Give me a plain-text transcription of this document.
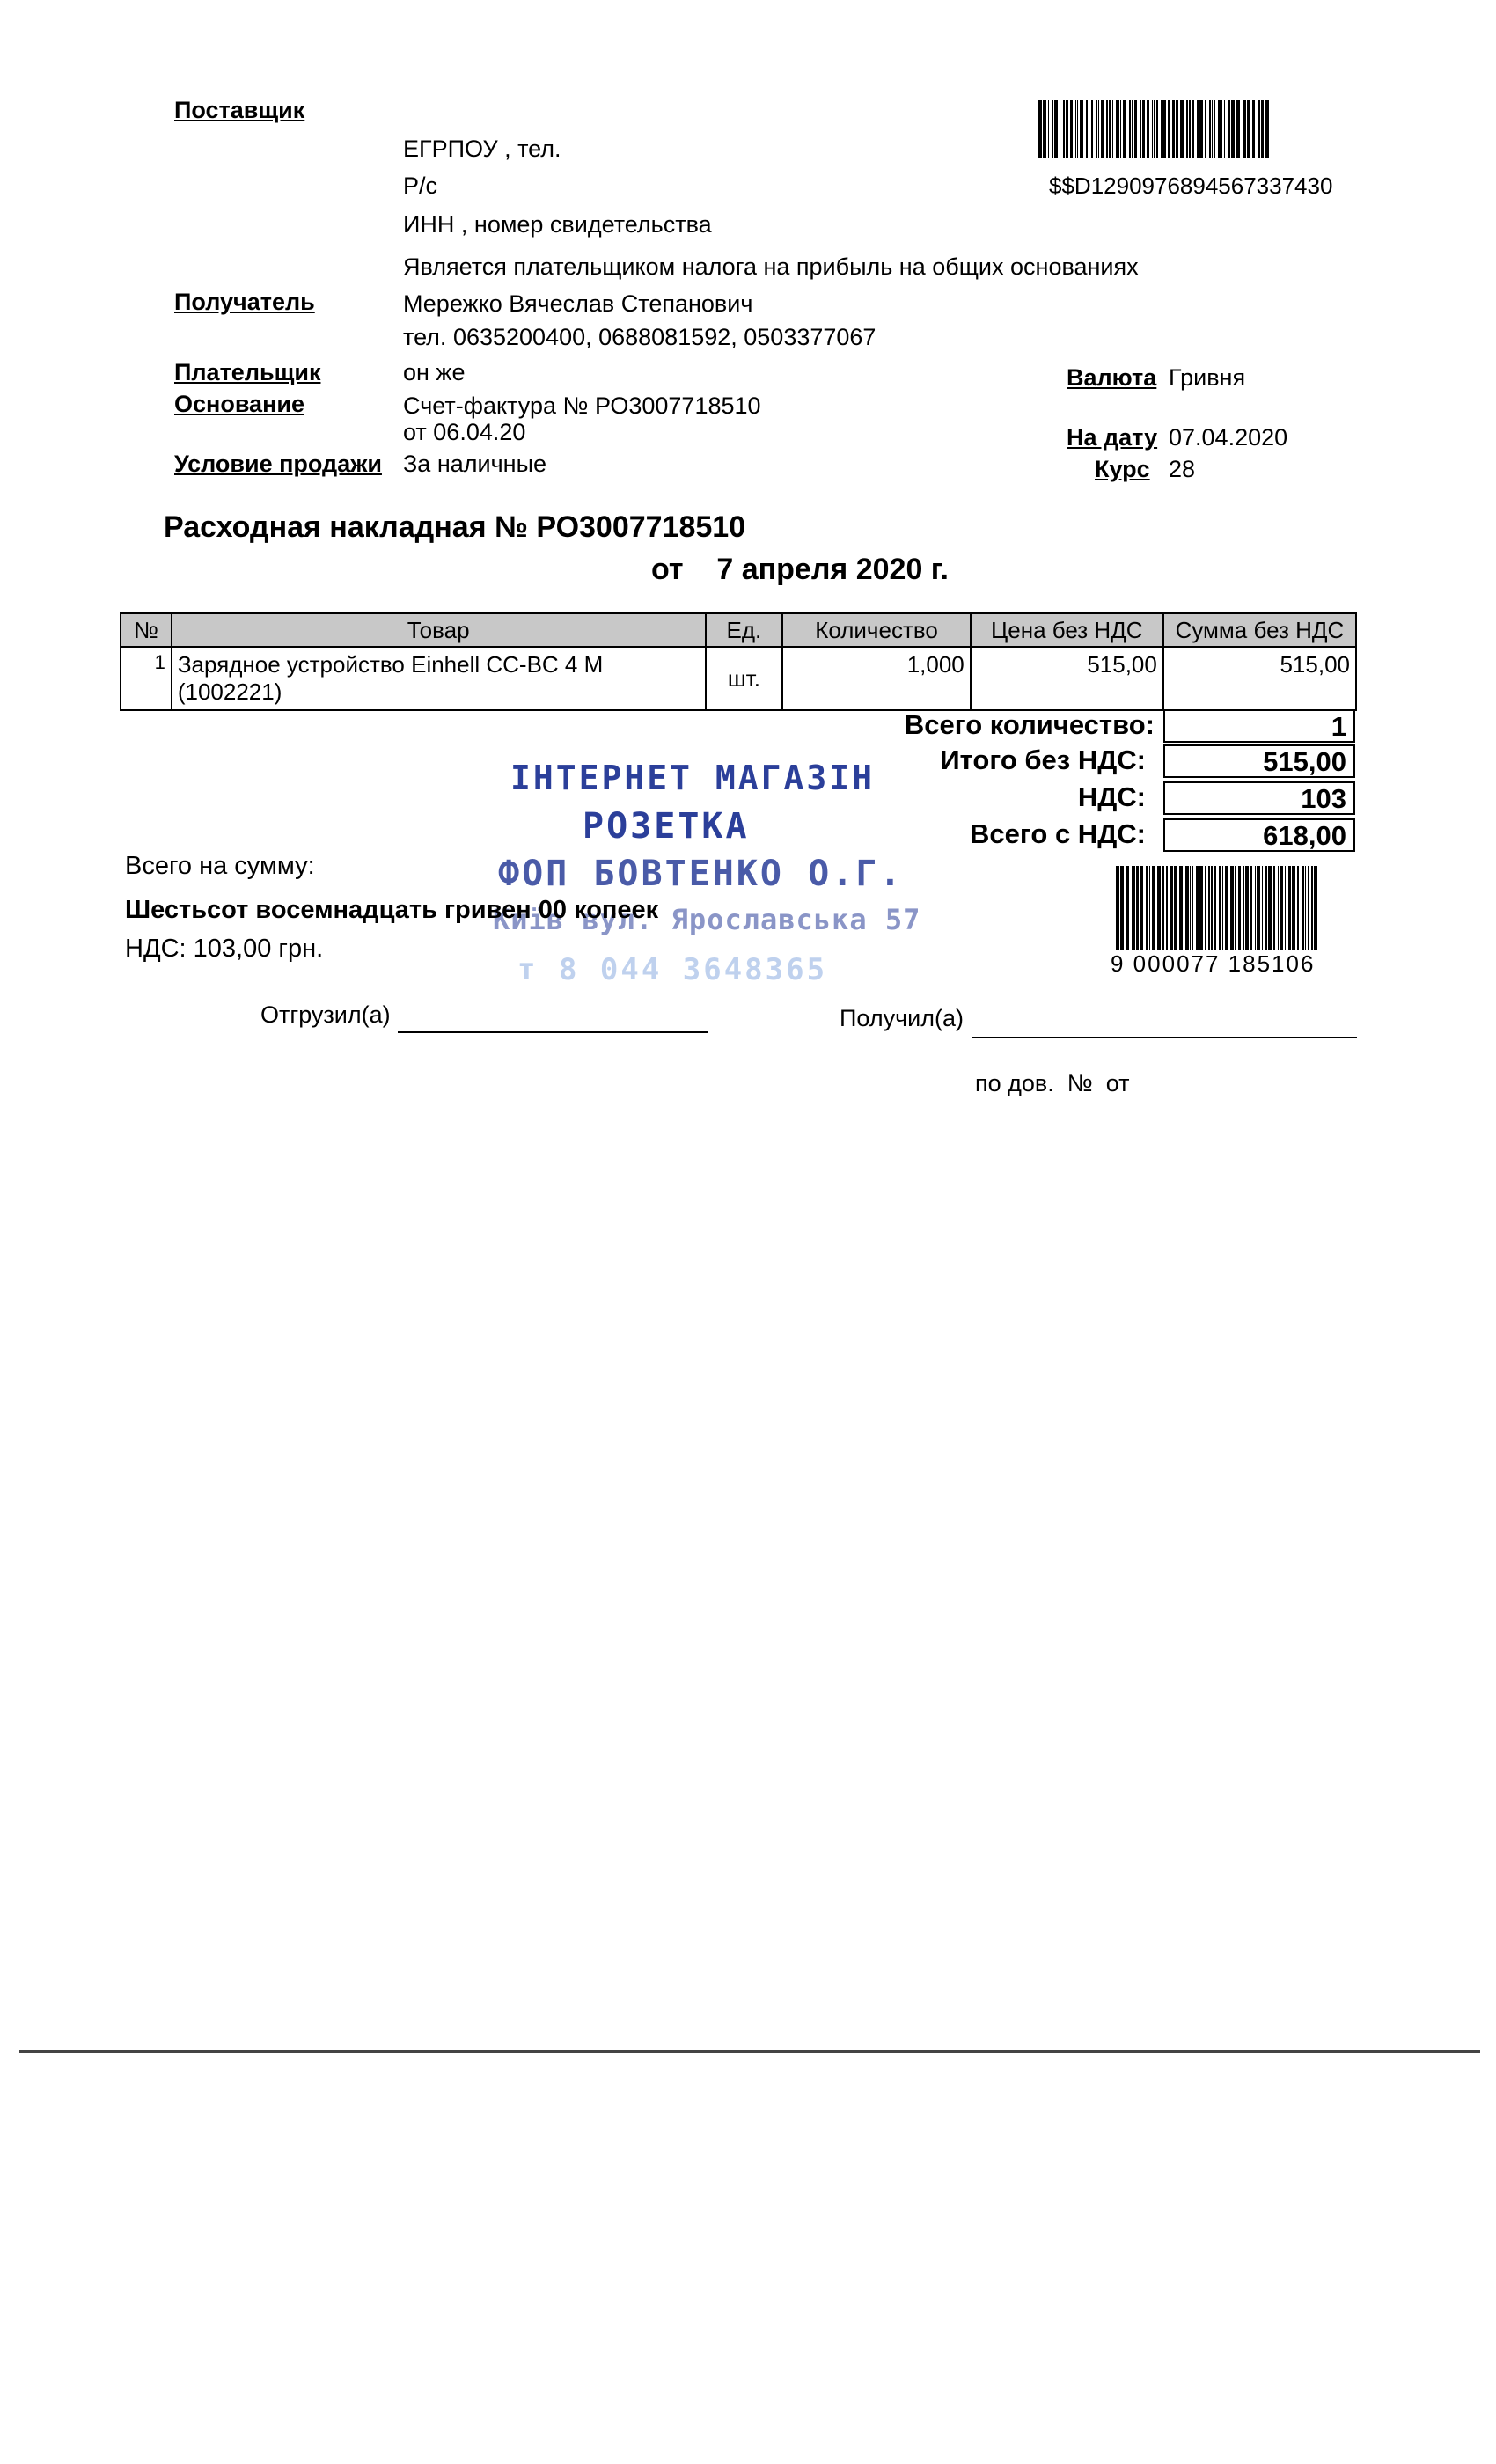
Поставщик
ЕГРПОУ , тел.
Р/с
ИНН , номер свидетельства
Является плательщиком налога на прибыль на общих основаниях
$$D1290976894567337430
Получатель	Мережко Вячеслав Степанович
тел. 0635200400, 0688081592, 0503377067
Плательщик	он же
Основание	Счет-фактура № РО3007718510
от 06.04.20
Условие продажи За наличные
Валюта Гривня
На дату 07.04.2020
Курс 28
Расходная накладная № РО3007718510
от    7 апреля 2020 г.
№	Товар	Ед.	Количество	Цена без НДС	Сумма без НДС
1	Зарядное устройство Einhell CC-BC 4 M
(1002221)	шт.	1,000	515,00	515,00
Всего количество:	1
Итого без НДС:	515,00
НДС:	103
Всего с НДС:	618,00
ІНТЕРНЕТ МАГАЗІН
РОЗЕТКА
ФОП БОВТЕНКО О.Г.
Київ вул. Ярославська 57
т 8 044 3648365
Всего на сумму:
Шестьсот восемнадцать гривен 00 копеек
НДС: 103,00 грн.
9 000077 185106
Отгрузил(а)	Получил(а)
по дов.  №  от
